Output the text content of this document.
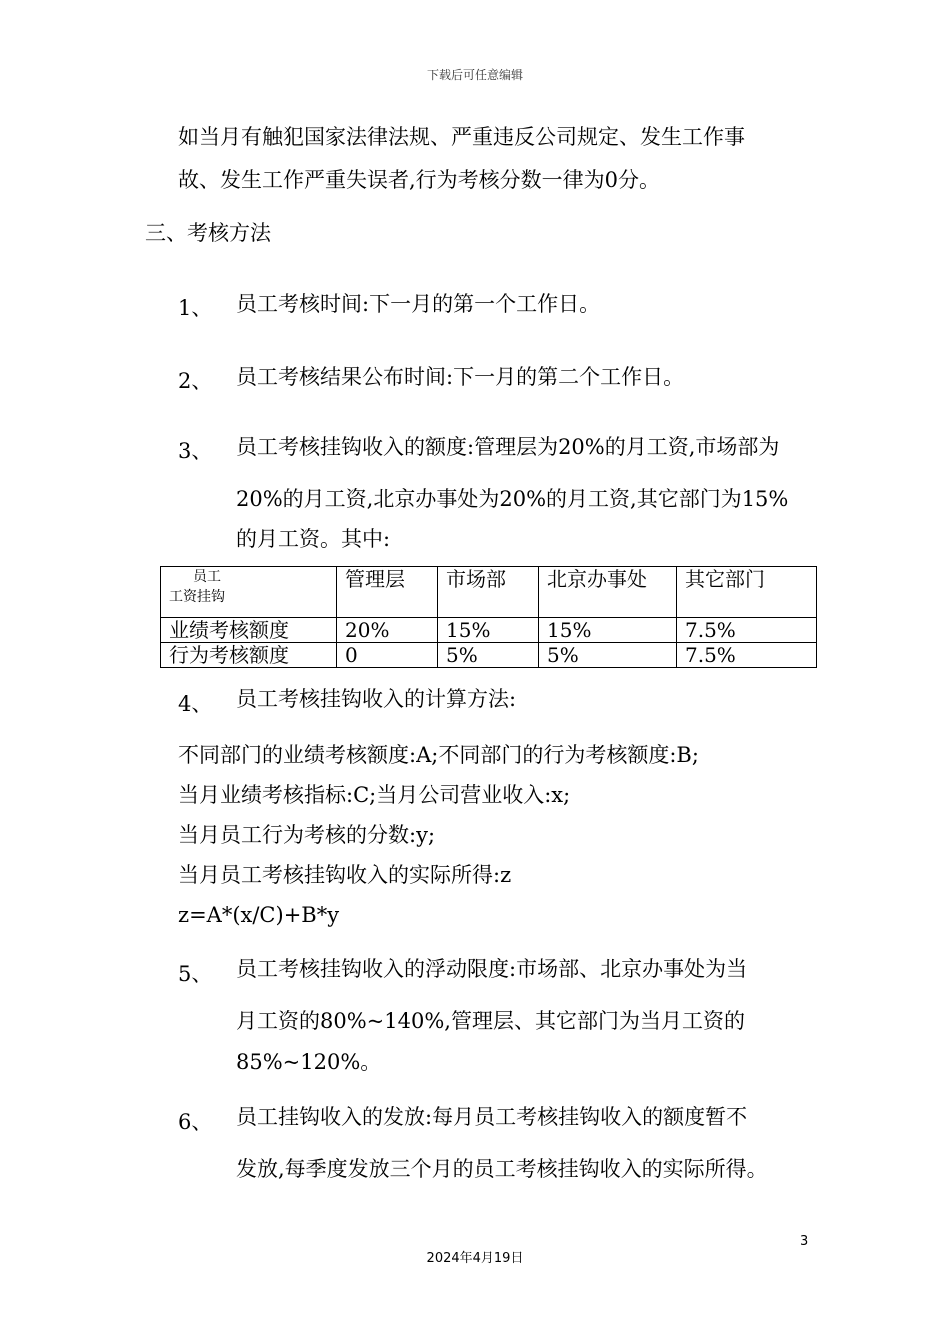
下载后可任意编辑
如当月有触犯国家法律法规、严重违反公司规定、发生工作事
故、发生工作严重失误者,行为考核分数一律为0分。
三、考核方法
1、 员工考核时间:下一月的第一个工作日。
2、 员工考核结果公布时间:下一月的第二个工作日。
3、 员工考核挂钩收入的额度:管理层为20%的月工资,市场部为
20%的月工资,北京办事处为20%的月工资,其它部门为15%
的月工资。其中:
员工
工资挂钩	管理层	市场部	北京办事处	其它部门
业绩考核额度	20%	15%	15%	7.5%
行为考核额度	0	5%	5%	7.5%
4、 员工考核挂钩收入的计算方法:
不同部门的业绩考核额度:A;不同部门的行为考核额度:B;
当月业绩考核指标:C;当月公司营业收入:x;
当月员工行为考核的分数:y;
当月员工考核挂钩收入的实际所得:z
z=A*(x/C)+B*y
5、 员工考核挂钩收入的浮动限度:市场部、北京办事处为当
月工资的80%~140%,管理层、其它部门为当月工资的
85%~120%。
6、 员工挂钩收入的发放:每月员工考核挂钩收入的额度暂不
发放,每季度发放三个月的员工考核挂钩收入的实际所得。
3
2024年4月19日
